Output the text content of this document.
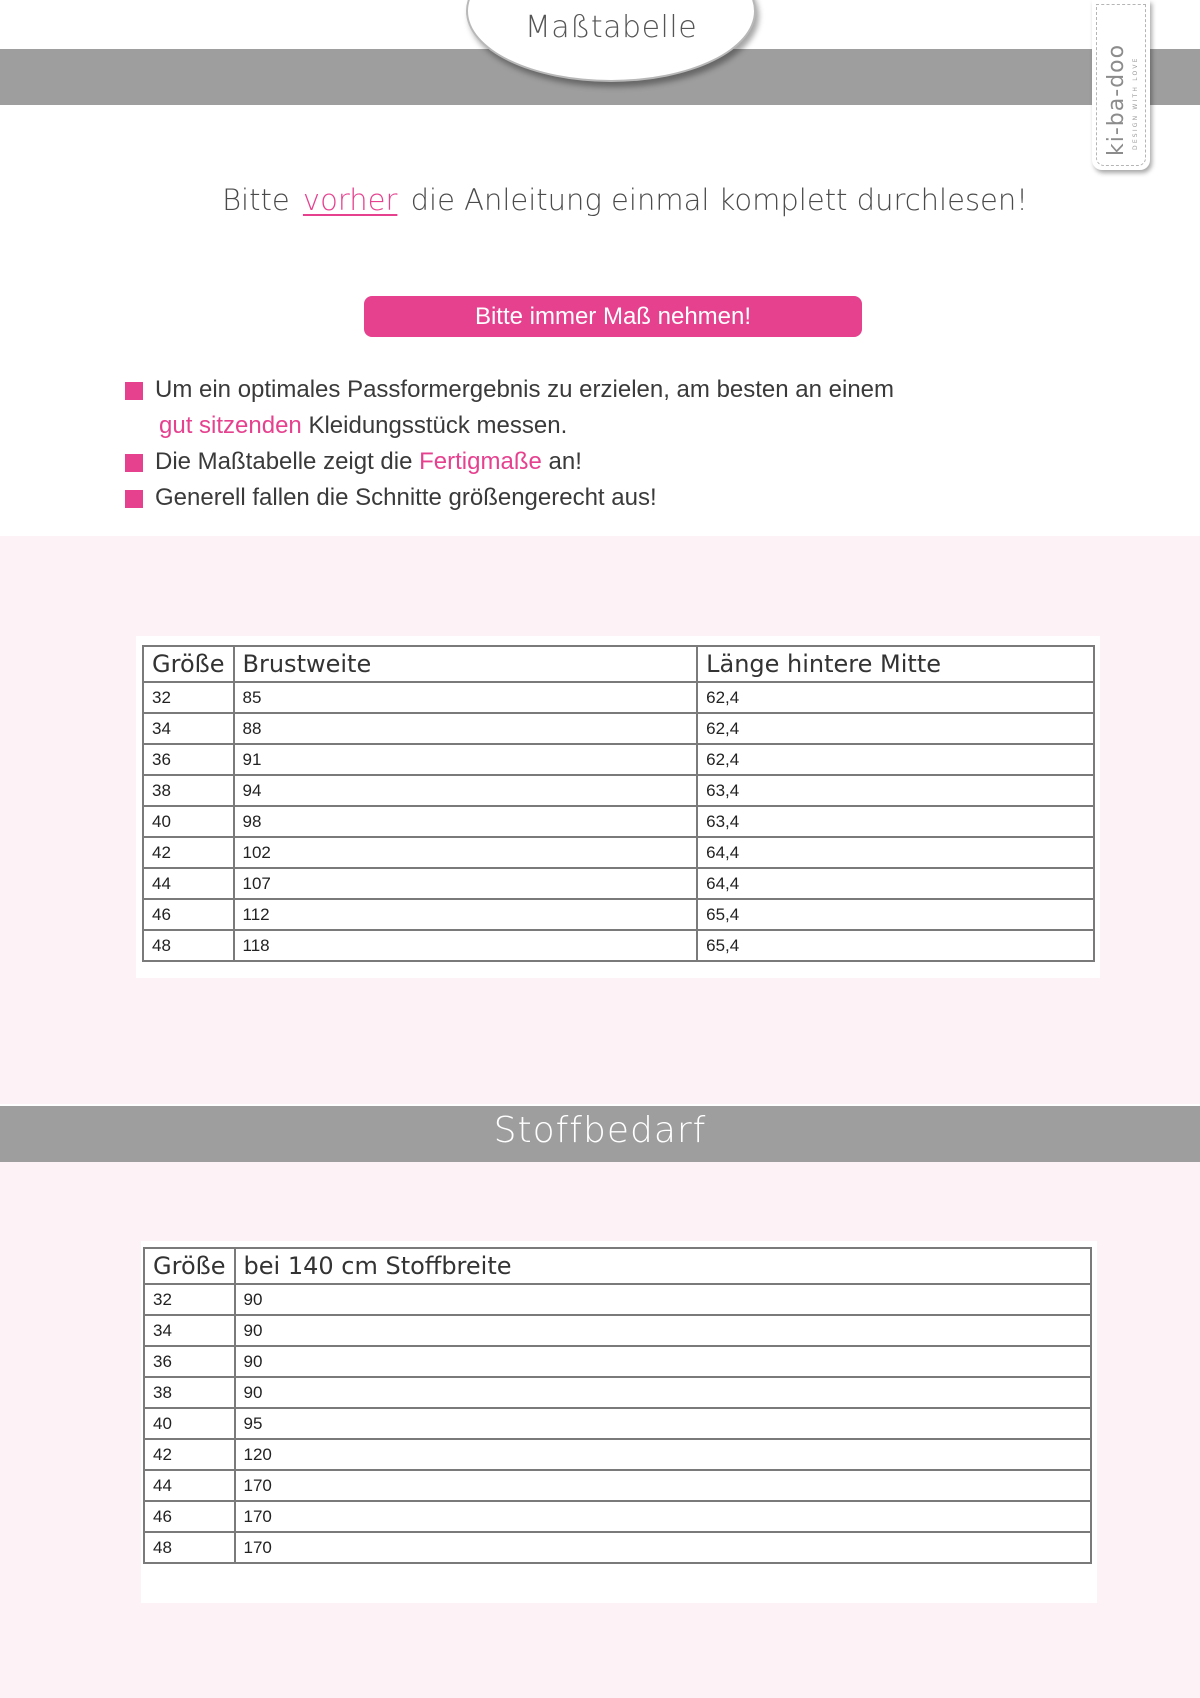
Maßtabelle
ki-ba-doo DESIGN WITH LOVE
Bitte vorher die Anleitung einmal komplett durchlesen!
Bitte immer Maß nehmen!
Um ein optimales Passformergebnis zu erzielen, am besten an einem
gut sitzenden Kleidungsstück messen.
Die Maßtabelle zeigt die Fertigmaße an!
Generell fallen die Schnitte größengerecht aus!
Größe	Brustweite	Länge hintere Mitte
32	85	62,4
34	88	62,4
36	91	62,4
38	94	63,4
40	98	63,4
42	102	64,4
44	107	64,4
46	112	65,4
48	118	65,4
Stoffbedarf
Größe	bei 140 cm Stoffbreite
32	90
34	90
36	90
38	90
40	95
42	120
44	170
46	170
48	170
